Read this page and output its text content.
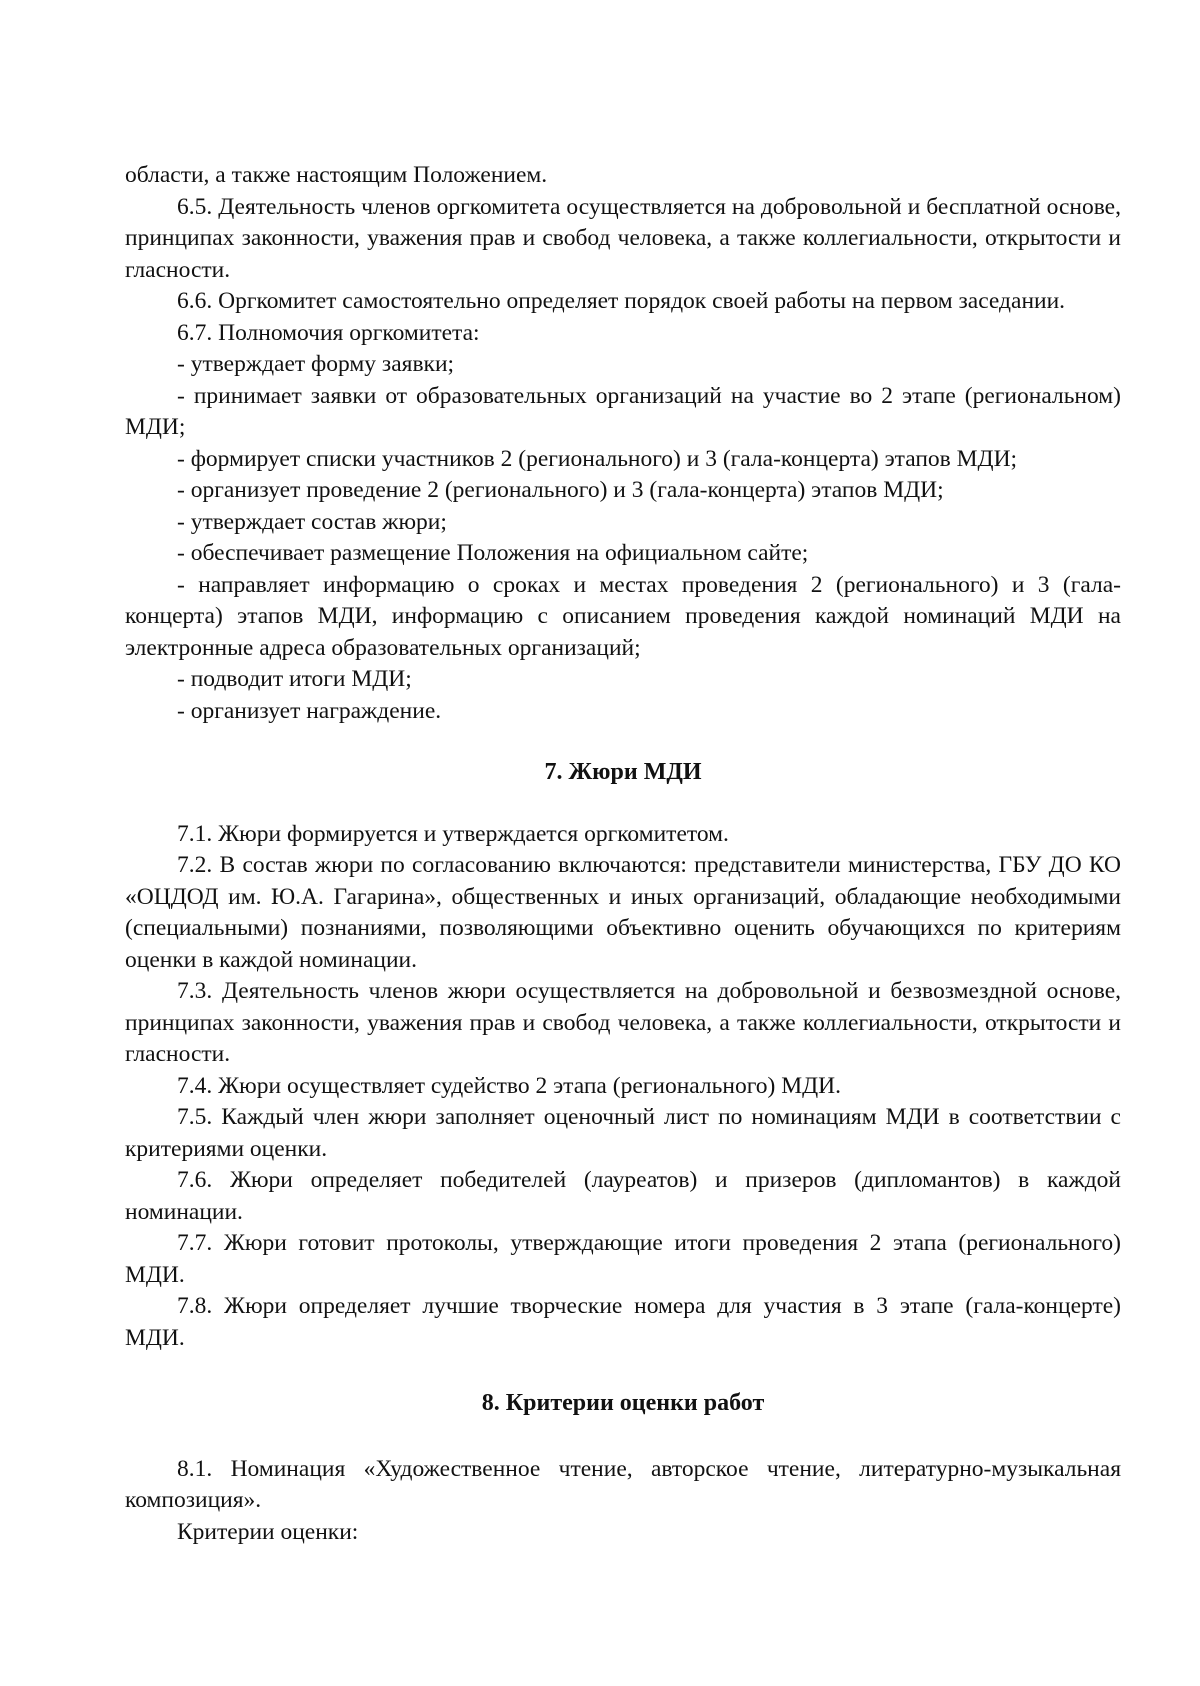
области, а также настоящим Положением.

6.5. Деятельность членов оргкомитета осуществляется на добровольной и бесплатной основе, принципах законности, уважения прав и свобод человека, а также коллегиальности, открытости и гласности.

6.6. Оргкомитет самостоятельно определяет порядок своей работы на первом заседании.

6.7. Полномочия оргкомитета:

- утверждает форму заявки;

- принимает заявки от образовательных организаций на участие во 2 этапе (региональном) МДИ;

- формирует списки участников 2 (регионального) и 3 (гала-концерта) этапов МДИ;

- организует проведение 2 (регионального) и 3 (гала-концерта) этапов МДИ;

- утверждает состав жюри;

- обеспечивает размещение Положения на официальном сайте;

- направляет информацию о сроках и местах проведения 2 (регионального) и 3 (гала-концерта) этапов МДИ, информацию с описанием проведения каждой номинаций МДИ на электронные адреса образовательных организаций;

- подводит итоги МДИ;

- организует награждение.

7. Жюри МДИ

7.1. Жюри формируется и утверждается оргкомитетом.

7.2. В состав жюри по согласованию включаются: представители министерства, ГБУ ДО КО «ОЦДОД им. Ю.А. Гагарина», общественных и иных организаций, обладающие необходимыми (специальными) познаниями, позволяющими объективно оценить обучающихся по критериям оценки в каждой номинации.

7.3. Деятельность членов жюри осуществляется на добровольной и безвозмездной основе, принципах законности, уважения прав и свобод человека, а также коллегиальности, открытости и гласности.

7.4. Жюри осуществляет судейство 2 этапа (регионального) МДИ.

7.5. Каждый член жюри заполняет оценочный лист по номинациям МДИ в соответствии с критериями оценки.

7.6. Жюри определяет победителей (лауреатов) и призеров (дипломантов) в каждой номинации.

7.7. Жюри готовит протоколы, утверждающие итоги проведения 2 этапа (регионального) МДИ.

7.8. Жюри определяет лучшие творческие номера для участия в 3 этапе (гала-концерте) МДИ.

8. Критерии оценки работ

8.1. Номинация «Художественное чтение, авторское чтение, литературно-музыкальная композиция».

Критерии оценки:
